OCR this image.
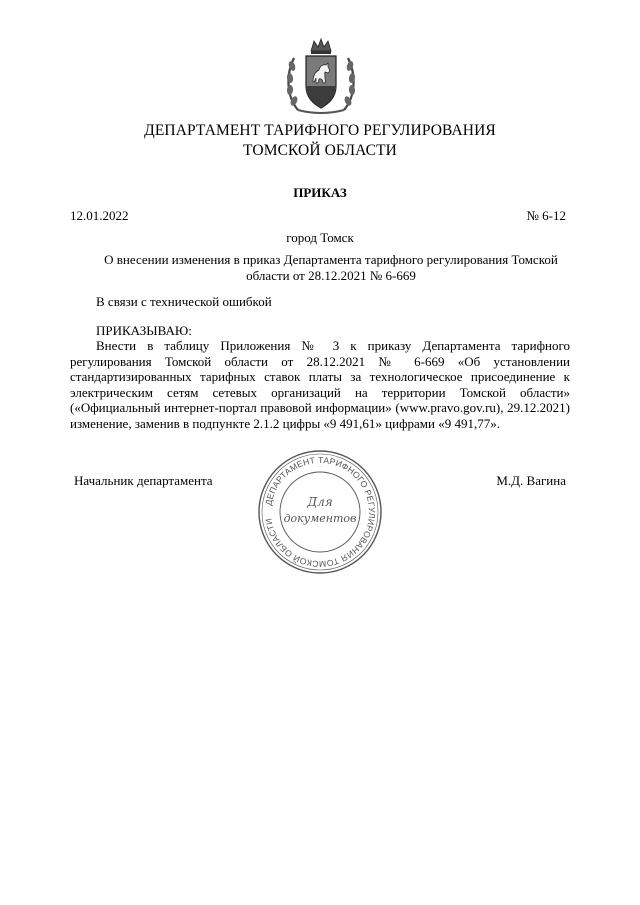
ДЕПАРТАМЕНТ ТАРИФНОГО РЕГУЛИРОВАНИЯ
ТОМСКОЙ ОБЛАСТИ
ПРИКАЗ
12.01.2022	№ 6-12
город Томск
О внесении изменения в приказ Департамента тарифного регулирования Томской
области от 28.12.2021 № 6-669
В связи с технической ошибкой
ПРИКАЗЫВАЮ:
Внести в таблицу Приложения № 3 к приказу Департамента тарифного регулирования Томской области от 28.12.2021 № 6-669 «Об установлении стандартизированных тарифных ставок платы за технологическое присоединение к электрическим сетям сетевых организаций на территории Томской области» («Официальный интернет-портал правовой информации» (www.pravo.gov.ru), 29.12.2021) изменение, заменив в подпункте 2.1.2 цифры «9 491,61» цифрами «9 491,77».
Начальник департамента	М.Д. Вагина
ДЕПАРТАМЕНТ ТАРИФНОГО РЕГУЛИРОВАНИЯ ТОМСКОЙ ОБЛАСТИ
Для
документов
